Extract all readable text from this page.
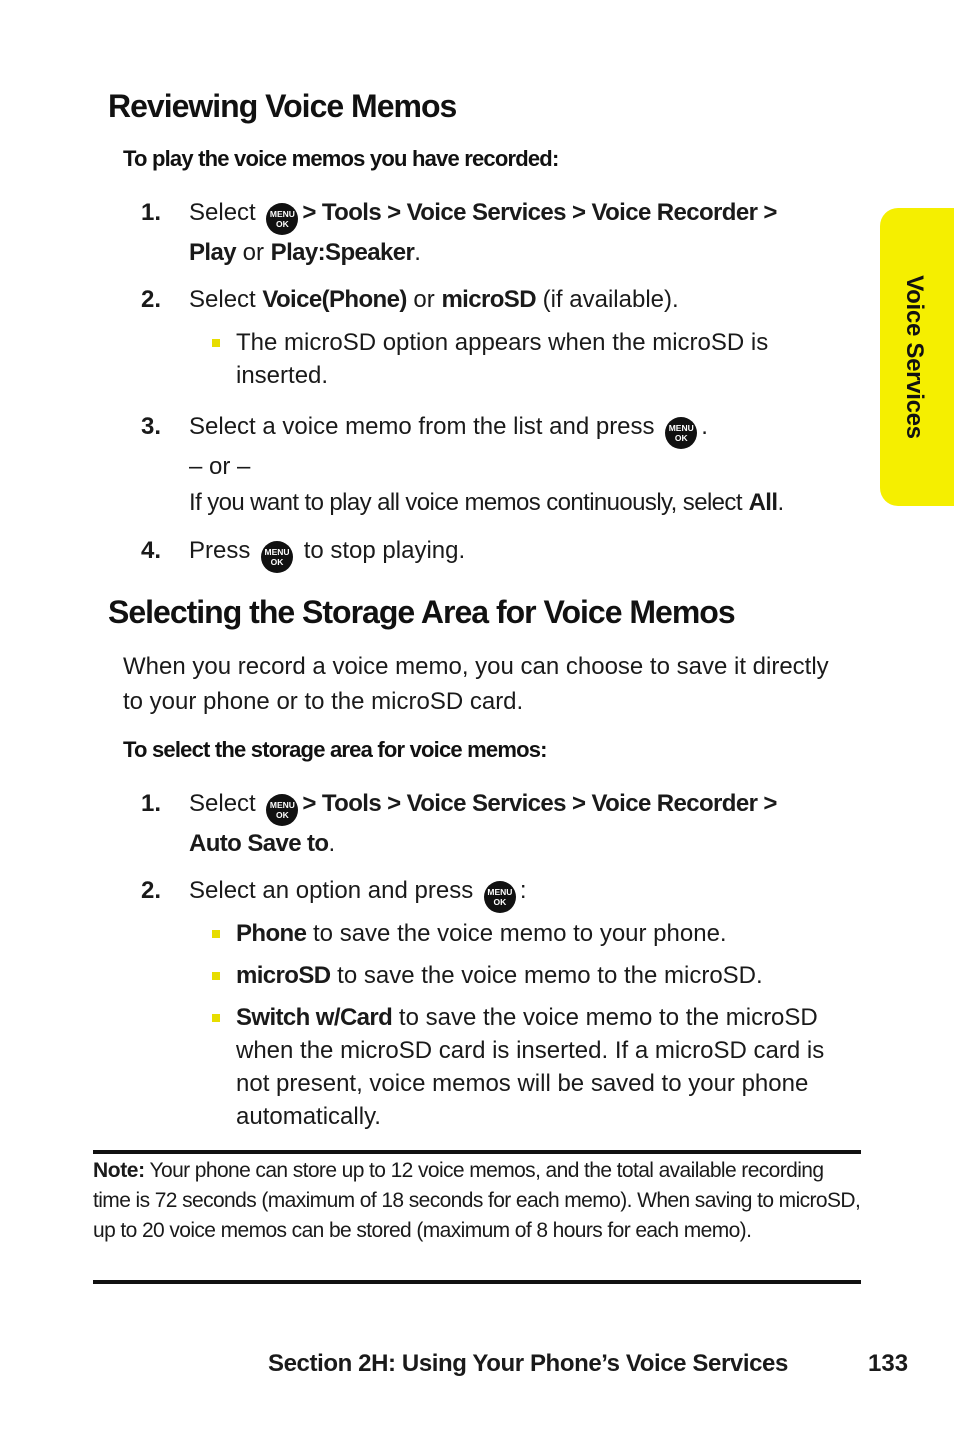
Voice Services
Reviewing Voice Memos

To play the voice memos you have recorded:

1. Select	MENU
OK > Tools > Voice Services > Voice Recorder >
Play or Play:Speaker.
2. Select Voice(Phone) or microSD (if available).
The microSD option appears when the microSD is inserted.
3. Select a voice memo from the list and press	MENU
OK .
– or –
If you want to play all voice memos continuously, select All.
4. Press	MENU
OK to stop playing.
Selecting the Storage Area for Voice Memos

When you record a voice memo, you can choose to save it directly to your phone or to the microSD card.

To select the storage area for voice memos:

1. Select	MENU
OK > Tools > Voice Services > Voice Recorder >
Auto Save to.
2. Select an option and press	MENU
OK :
Phone to save the voice memo to your phone.
microSD to save the voice memo to the microSD.
Switch w/Card to save the voice memo to the microSD when the microSD card is inserted. If a microSD card is not present, voice memos will be saved to your phone automatically.

Note: Your phone can store up to 12 voice memos, and the total available recording time is 72 seconds (maximum of 18 seconds for each memo). When saving to microSD, up to 20 voice memos can be stored (maximum of 8 hours for each memo).

Section 2H: Using Your Phone’s Voice Services	133
